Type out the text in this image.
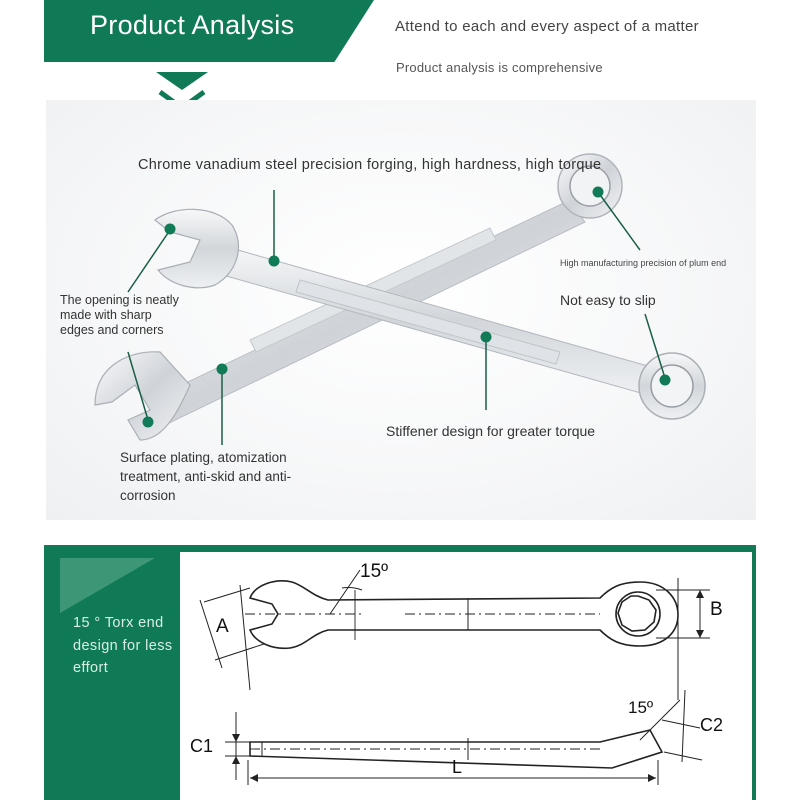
Product Analysis	Attend to each and every aspect of a matter
Product analysis is comprehensive
Chrome vanadium steel precision forging, high hardness, high torque
High manufacturing precision of plum end
Not easy to slip
The opening is neatly made with sharp edges and corners
Stiffener design for greater torque
Surface plating, atomization treatment, anti-skid and anti-corrosion
15 ° Torx end design for less effort
15º
A
B
C1
15º
C2
L
